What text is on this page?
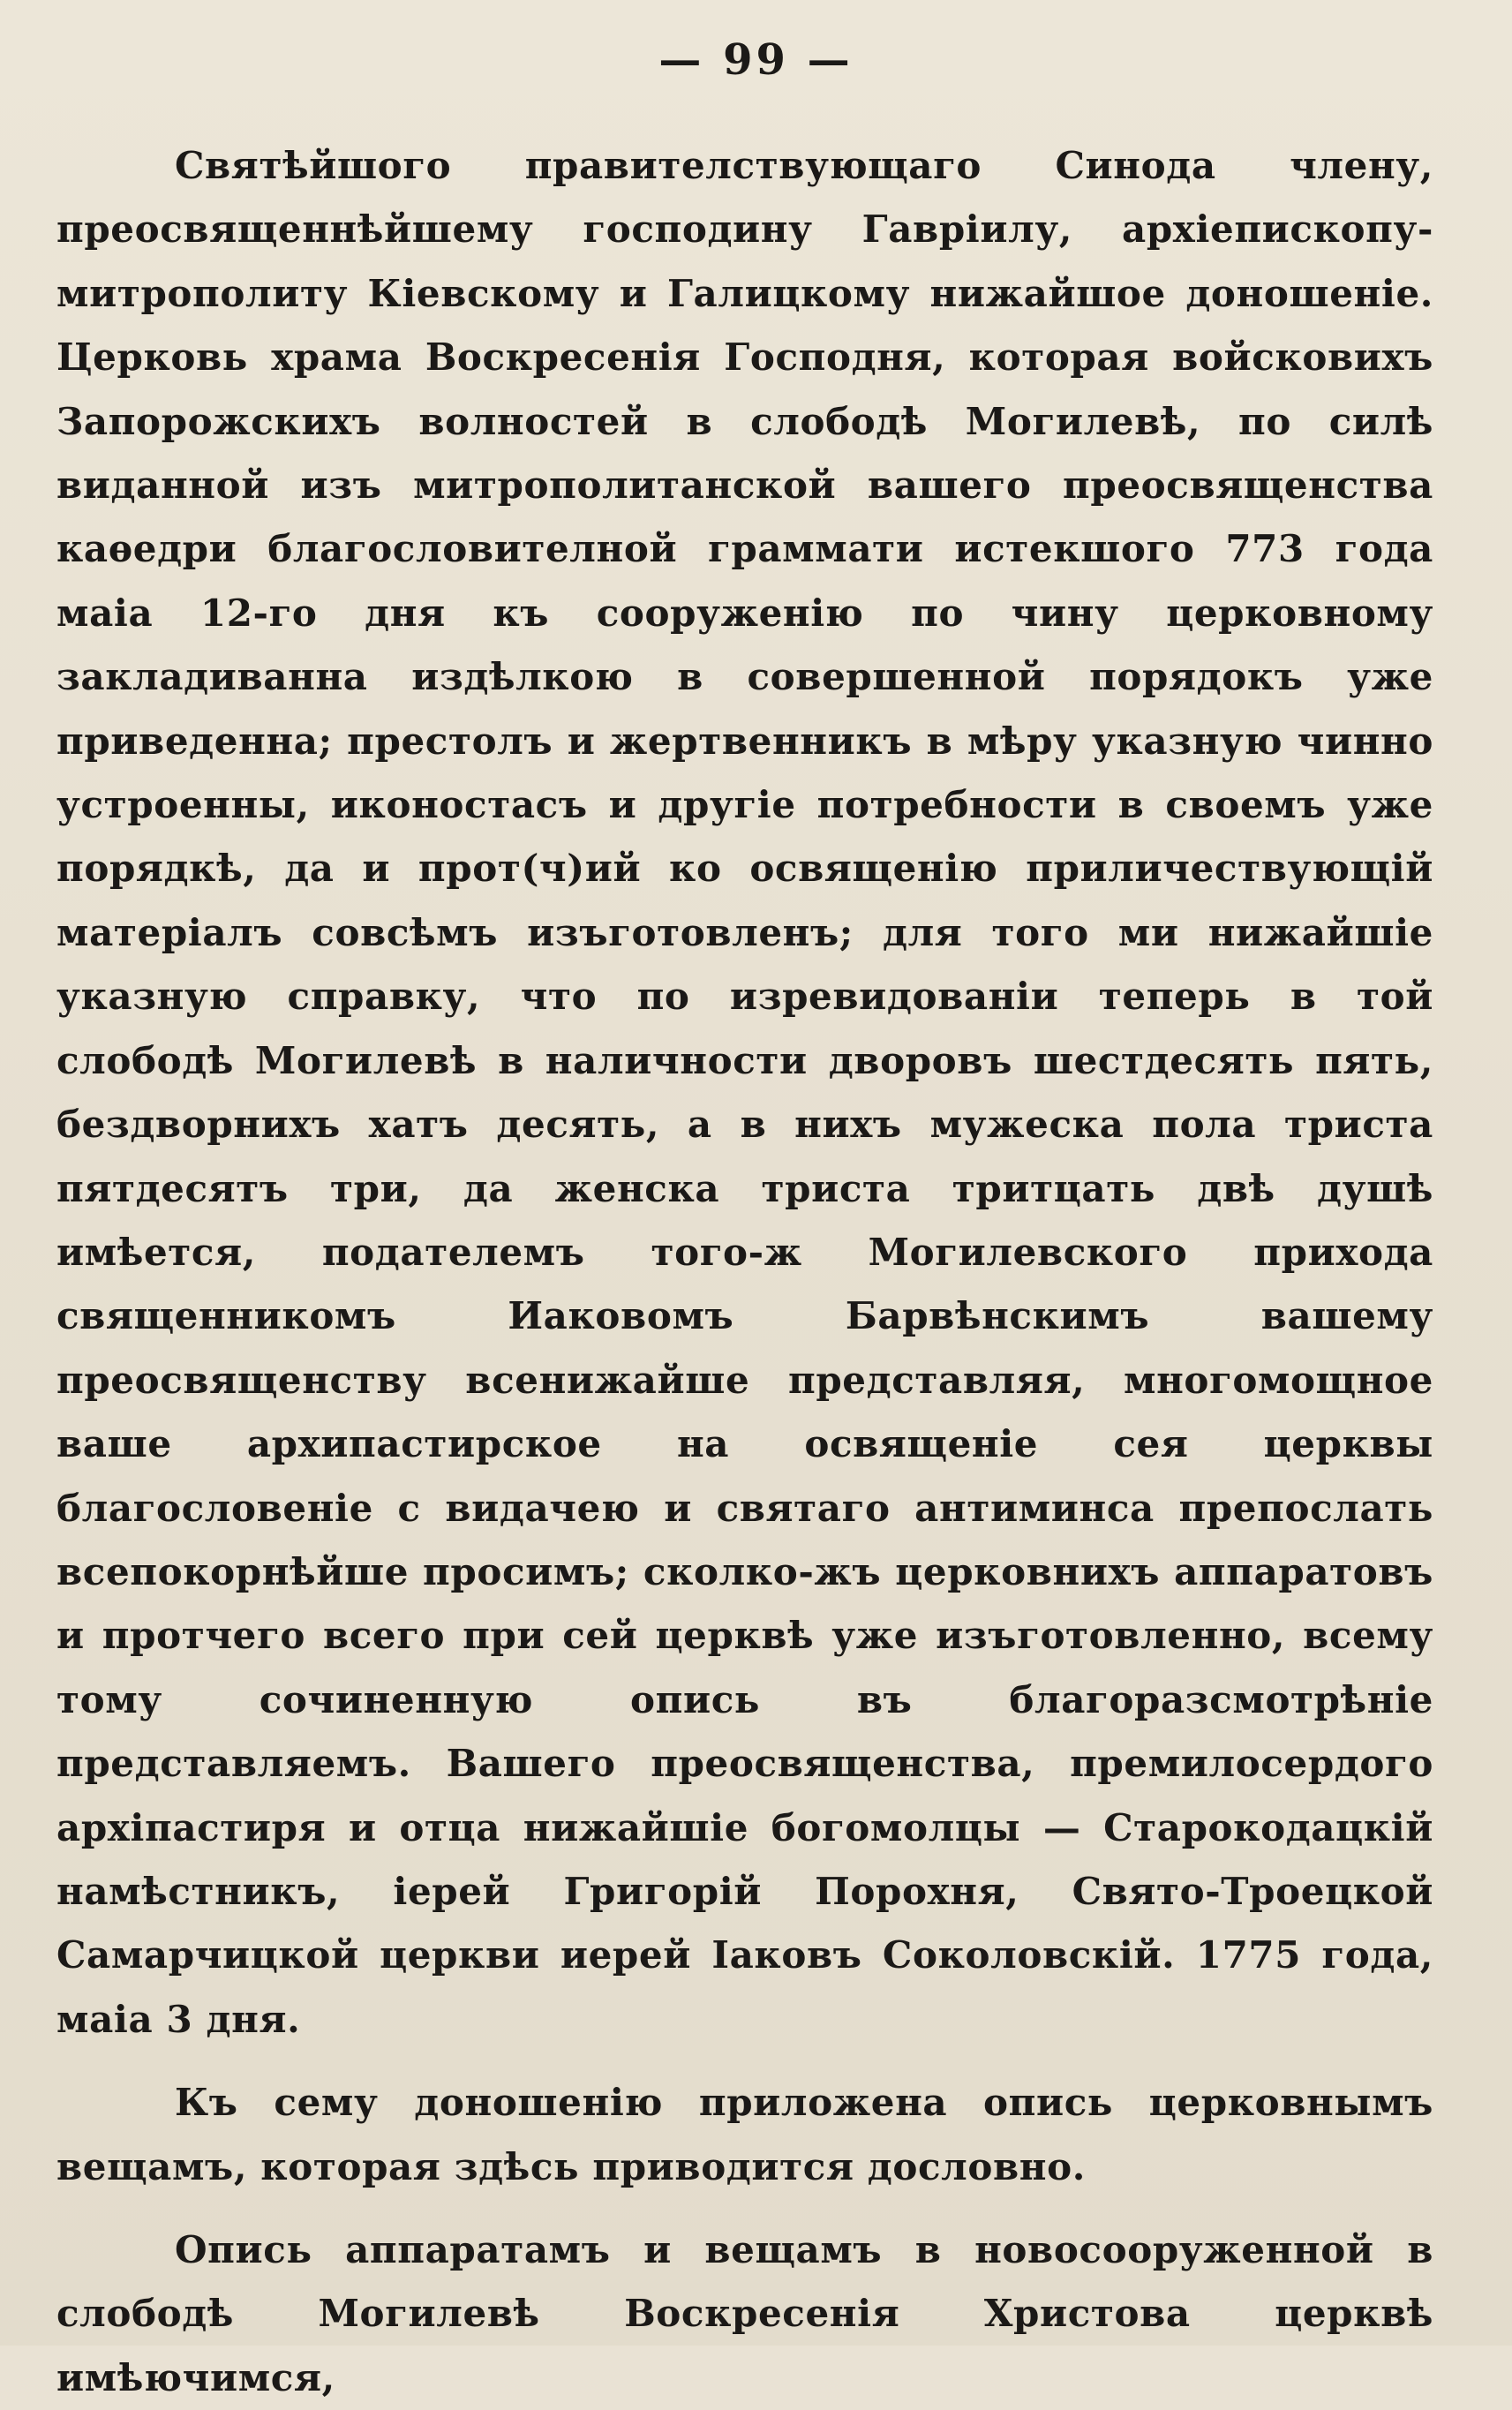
— 99 —

Святѣйшого правителствующаго Синода члену, преосвященнѣйшему господину Гавріилу, архіепископу-митрополиту Кіевскому и Галицкому нижайшое доношеніе. Церковь храма Воскресенія Господня, которая войсковихъ Запорожскихъ волностей в слободѣ Могилевѣ, по силѣ виданной изъ митрополитанской вашего преосвященства каѳедри благословителной граммати истекшого 773 года маіа 12-го дня къ сооруженію по чину церковному закладиванна издѣлкою в совершенной порядокъ уже приведенна; престолъ и жертвенникъ в мѣру указную чинно устроенны, иконостасъ и другіе потребности в своемъ уже порядкѣ, да и прот(ч)ий ко освященію приличествующій матеріалъ совсѣмъ изъготовленъ; для того ми нижайшіе указную справку, что по изревидованіи теперь в той слободѣ Могилевѣ в наличности дворовъ шестдесять пять, бездворнихъ хатъ десять, а в нихъ мужеска пола триста пятдесятъ три, да женска триста тритцать двѣ душѣ имѣется, подателемъ того-ж Могилевского прихода священникомъ Иаковомъ Барвѣнскимъ вашему преосвященству всенижайше представляя, многомощное ваше архипастирское на освященіе сея церквы благословеніе с видачею и святаго антиминса препослать всепокорнѣйше просимъ; сколко-жъ церковнихъ аппаратовъ и протчего всего при сей церквѣ уже изъготовленно, всему тому сочиненную опись въ благоразсмотрѣніе представляемъ. Вашего преосвященства, премилосердого архіпастиря и отца нижайшіе богомолцы — Старокодацкій намѣстникъ, іерей Григорій Пороxня, Свято-Троецкой Самарчицкой церкви иерей Іаковъ Соколовскій. 1775 года, маіа 3 дня.

Къ сему доношенію приложена опись церковнымъ вещамъ, которая здѣсь приводится дословно.

Опись аппаратамъ и вещамъ в новосооруженной в слободѣ Могилевѣ Воскресенія Христова церквѣ имѣючимся,
